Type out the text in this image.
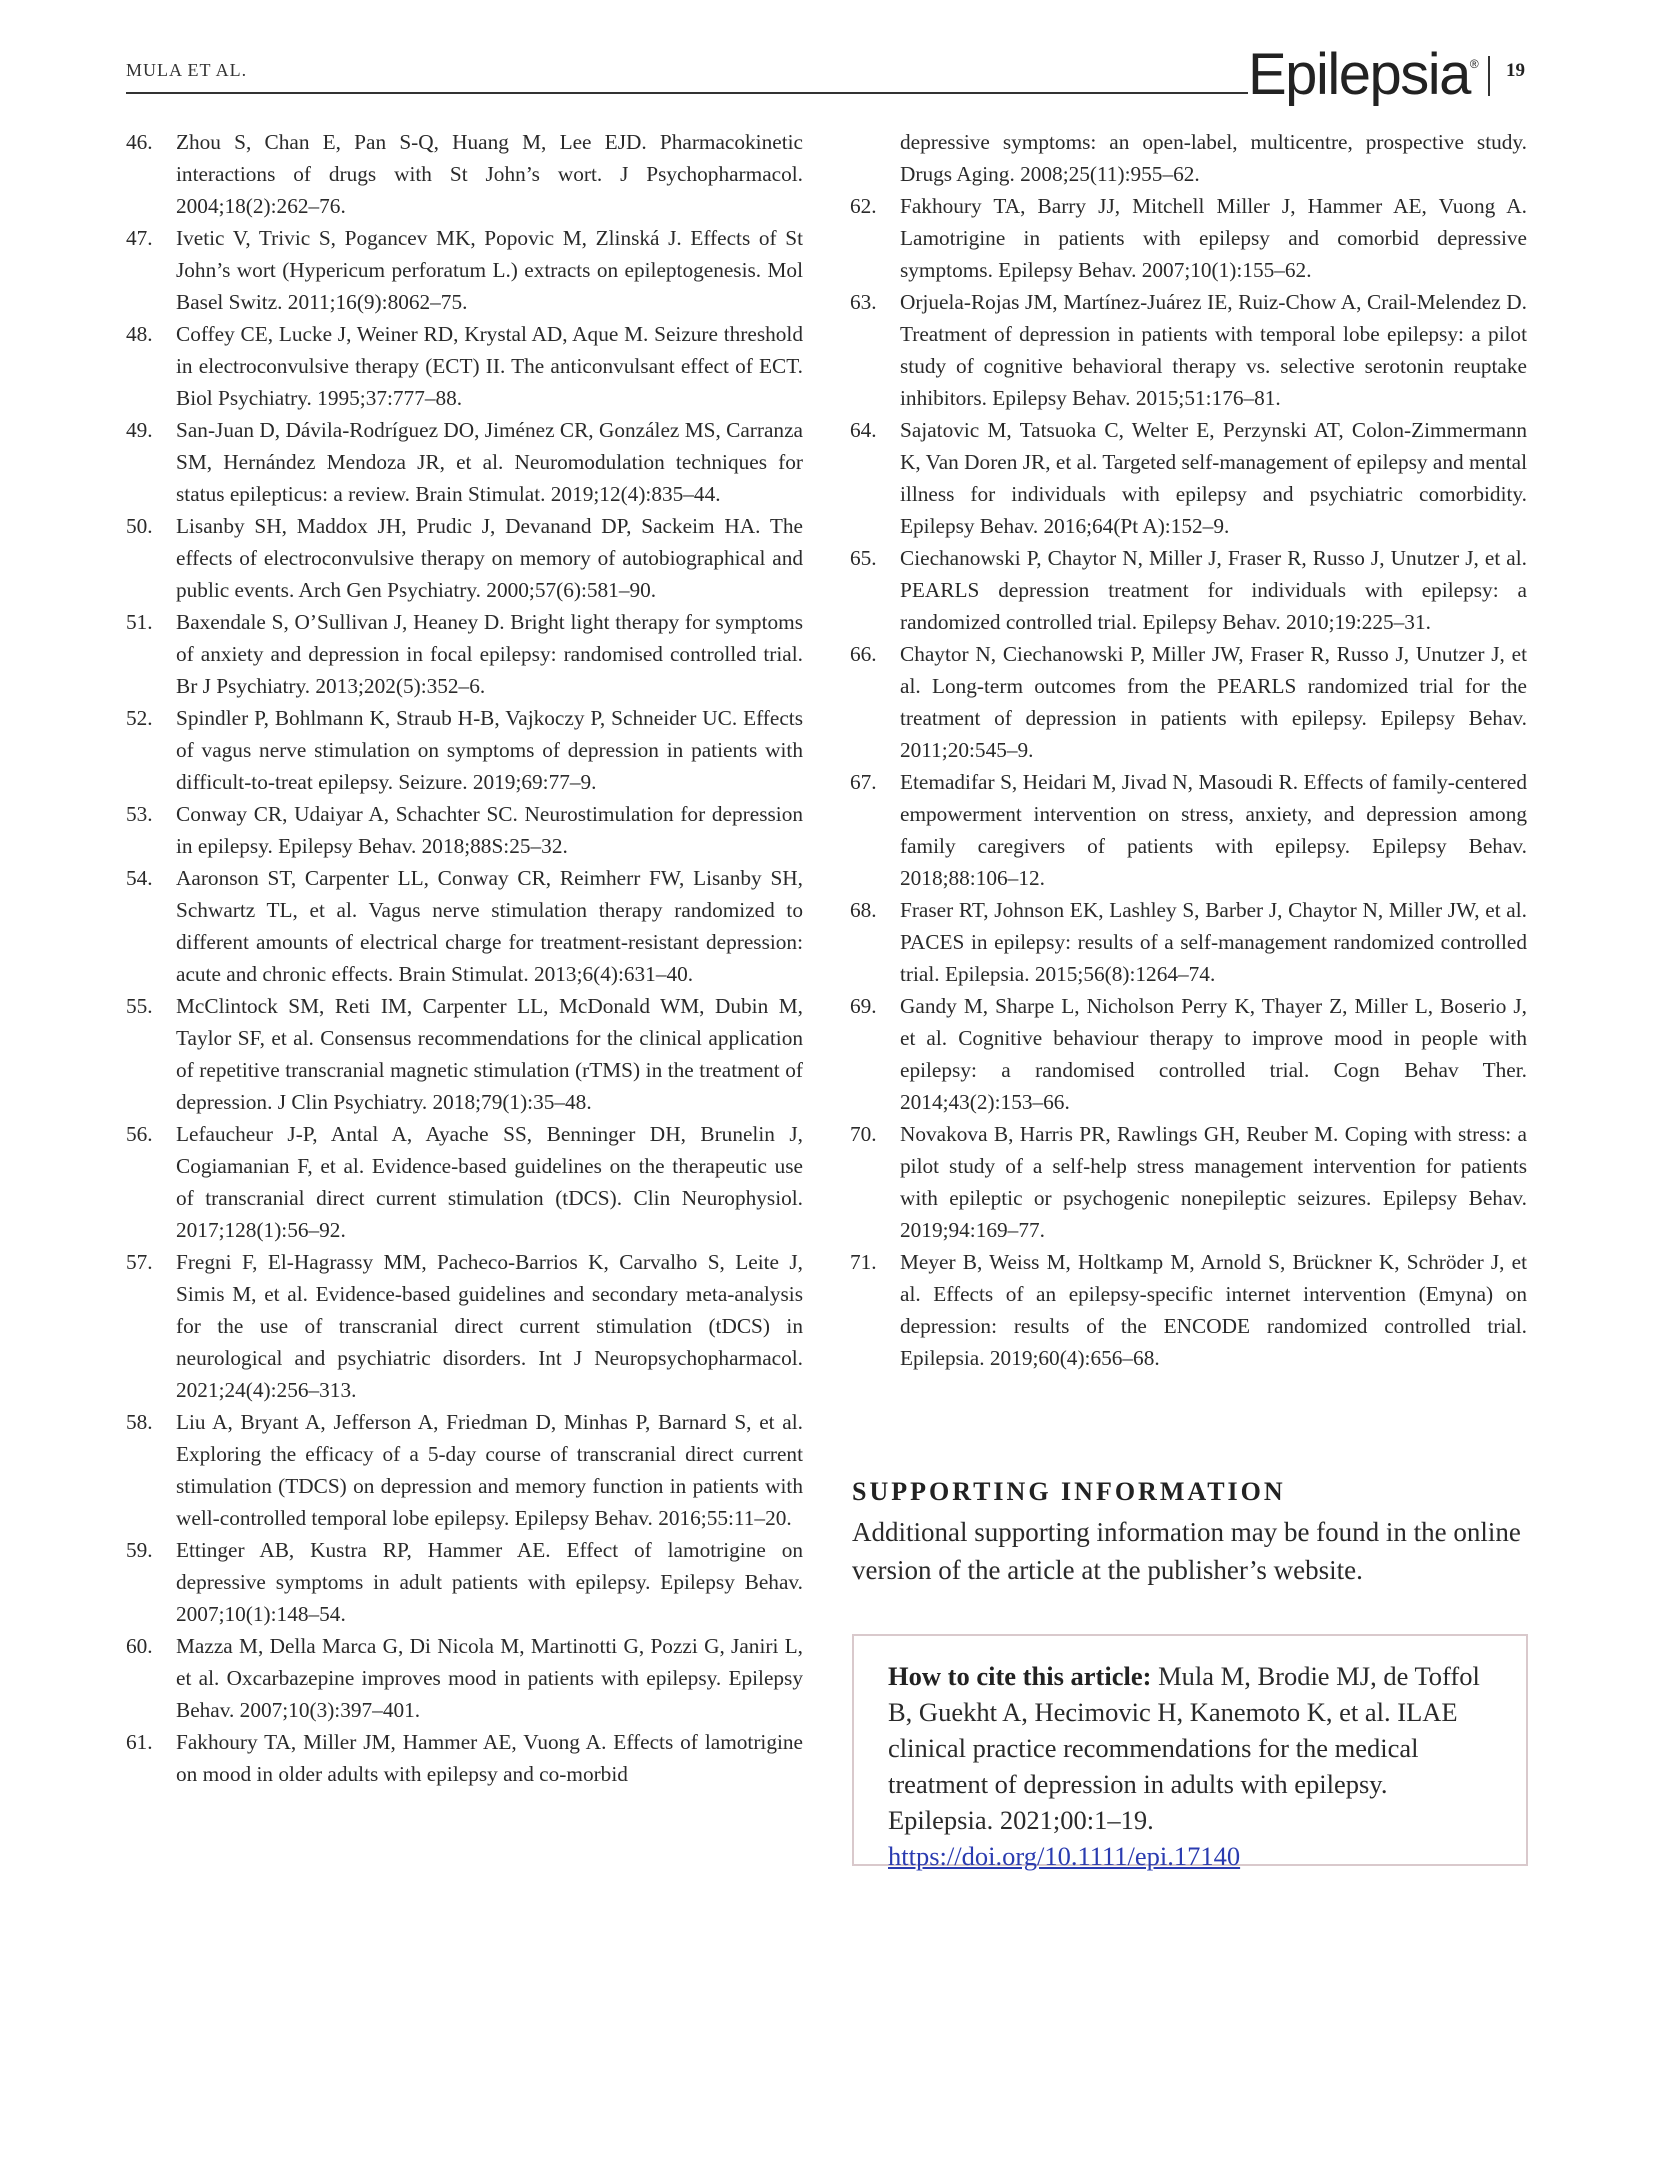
MULA ET AL.	Epilepsia® 19
46. Zhou S, Chan E, Pan S-Q, Huang M, Lee EJD. Pharmacokinetic interactions of drugs with St John’s wort. J Psychopharmacol. 2004;18(2):262–76.
47. Ivetic V, Trivic S, Pogancev MK, Popovic M, Zlinská J. Effects of St John’s wort (Hypericum perforatum L.) extracts on epileptogenesis. Mol Basel Switz. 2011;16(9):8062–75.
48. Coffey CE, Lucke J, Weiner RD, Krystal AD, Aque M. Seizure threshold in electroconvulsive therapy (ECT) II. The anticonvulsant effect of ECT. Biol Psychiatry. 1995;37:777–88.
49. San-Juan D, Dávila-Rodríguez DO, Jiménez CR, González MS, Carranza SM, Hernández Mendoza JR, et al. Neuromodulation techniques for status epilepticus: a review. Brain Stimulat. 2019;12(4):835–44.
50. Lisanby SH, Maddox JH, Prudic J, Devanand DP, Sackeim HA. The effects of electroconvulsive therapy on memory of autobiographical and public events. Arch Gen Psychiatry. 2000;57(6):581–90.
51. Baxendale S, O’Sullivan J, Heaney D. Bright light therapy for symptoms of anxiety and depression in focal epilepsy: randomised controlled trial. Br J Psychiatry. 2013;202(5):352–6.
52. Spindler P, Bohlmann K, Straub H-B, Vajkoczy P, Schneider UC. Effects of vagus nerve stimulation on symptoms of depression in patients with difficult-to-treat epilepsy. Seizure. 2019;69:77–9.
53. Conway CR, Udaiyar A, Schachter SC. Neurostimulation for depression in epilepsy. Epilepsy Behav. 2018;88S:25–32.
54. Aaronson ST, Carpenter LL, Conway CR, Reimherr FW, Lisanby SH, Schwartz TL, et al. Vagus nerve stimulation therapy randomized to different amounts of electrical charge for treatment-resistant depression: acute and chronic effects. Brain Stimulat. 2013;6(4):631–40.
55. McClintock SM, Reti IM, Carpenter LL, McDonald WM, Dubin M, Taylor SF, et al. Consensus recommendations for the clinical application of repetitive transcranial magnetic stimulation (rTMS) in the treatment of depression. J Clin Psychiatry. 2018;79(1):35–48.
56. Lefaucheur J-P, Antal A, Ayache SS, Benninger DH, Brunelin J, Cogiamanian F, et al. Evidence-based guidelines on the therapeutic use of transcranial direct current stimulation (tDCS). Clin Neurophysiol. 2017;128(1):56–92.
57. Fregni F, El-Hagrassy MM, Pacheco-Barrios K, Carvalho S, Leite J, Simis M, et al. Evidence-based guidelines and secondary meta-analysis for the use of transcranial direct current stimulation (tDCS) in neurological and psychiatric disorders. Int J Neuropsychopharmacol. 2021;24(4):256–313.
58. Liu A, Bryant A, Jefferson A, Friedman D, Minhas P, Barnard S, et al. Exploring the efficacy of a 5-day course of transcranial direct current stimulation (TDCS) on depression and memory function in patients with well-controlled temporal lobe epilepsy. Epilepsy Behav. 2016;55:11–20.
59. Ettinger AB, Kustra RP, Hammer AE. Effect of lamotrigine on depressive symptoms in adult patients with epilepsy. Epilepsy Behav. 2007;10(1):148–54.
60. Mazza M, Della Marca G, Di Nicola M, Martinotti G, Pozzi G, Janiri L, et al. Oxcarbazepine improves mood in patients with epilepsy. Epilepsy Behav. 2007;10(3):397–401.
61. Fakhoury TA, Miller JM, Hammer AE, Vuong A. Effects of lamotrigine on mood in older adults with epilepsy and co-morbid
depressive symptoms: an open-label, multicentre, prospective study. Drugs Aging. 2008;25(11):955–62.
62. Fakhoury TA, Barry JJ, Mitchell Miller J, Hammer AE, Vuong A. Lamotrigine in patients with epilepsy and comorbid depressive symptoms. Epilepsy Behav. 2007;10(1):155–62.
63. Orjuela-Rojas JM, Martínez-Juárez IE, Ruiz-Chow A, Crail-Melendez D. Treatment of depression in patients with temporal lobe epilepsy: a pilot study of cognitive behavioral therapy vs. selective serotonin reuptake inhibitors. Epilepsy Behav. 2015;51:176–81.
64. Sajatovic M, Tatsuoka C, Welter E, Perzynski AT, Colon-Zimmermann K, Van Doren JR, et al. Targeted self-management of epilepsy and mental illness for individuals with epilepsy and psychiatric comorbidity. Epilepsy Behav. 2016;64(Pt A):152–9.
65. Ciechanowski P, Chaytor N, Miller J, Fraser R, Russo J, Unutzer J, et al. PEARLS depression treatment for individuals with epilepsy: a randomized controlled trial. Epilepsy Behav. 2010;19:225–31.
66. Chaytor N, Ciechanowski P, Miller JW, Fraser R, Russo J, Unutzer J, et al. Long-term outcomes from the PEARLS randomized trial for the treatment of depression in patients with epilepsy. Epilepsy Behav. 2011;20:545–9.
67. Etemadifar S, Heidari M, Jivad N, Masoudi R. Effects of family-centered empowerment intervention on stress, anxiety, and depression among family caregivers of patients with epilepsy. Epilepsy Behav. 2018;88:106–12.
68. Fraser RT, Johnson EK, Lashley S, Barber J, Chaytor N, Miller JW, et al. PACES in epilepsy: results of a self-management randomized controlled trial. Epilepsia. 2015;56(8):1264–74.
69. Gandy M, Sharpe L, Nicholson Perry K, Thayer Z, Miller L, Boserio J, et al. Cognitive behaviour therapy to improve mood in people with epilepsy: a randomised controlled trial. Cogn Behav Ther. 2014;43(2):153–66.
70. Novakova B, Harris PR, Rawlings GH, Reuber M. Coping with stress: a pilot study of a self-help stress management intervention for patients with epileptic or psychogenic nonepileptic seizures. Epilepsy Behav. 2019;94:169–77.
71. Meyer B, Weiss M, Holtkamp M, Arnold S, Brückner K, Schröder J, et al. Effects of an epilepsy-specific internet intervention (Emyna) on depression: results of the ENCODE randomized controlled trial. Epilepsia. 2019;60(4):656–68.
SUPPORTING INFORMATION
Additional supporting information may be found in the online version of the article at the publisher’s website.
How to cite this article: Mula M, Brodie MJ, de Toffol B, Guekht A, Hecimovic H, Kanemoto K, et al. ILAE clinical practice recommendations for the medical treatment of depression in adults with epilepsy. Epilepsia. 2021;00:1–19. https://doi.org/10.1111/epi.17140
